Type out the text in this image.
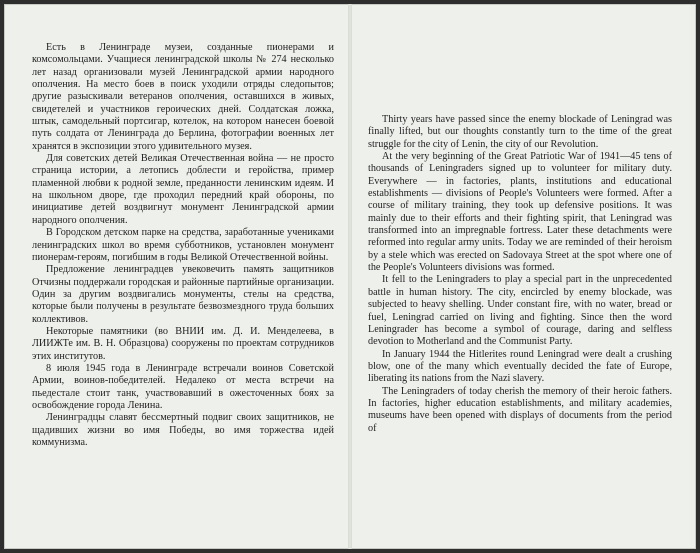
Есть в Ленинграде музеи, созданные пионерами и комсомольцами. Учащиеся ленинградской школы № 274 несколько лет назад организовали музей Ленинградской армии народного ополчения. На место боев в поиск уходили отряды следопытов; другие разыскивали ветеранов ополчения, оставшихся в живых, свидетелей и участников героических дней. Солдатская ложка, штык, самодельный портсигар, котелок, на котором нанесен боевой путь солдата от Ленинграда до Берлина, фотографии военных лет хранятся в экспозиции этого удивительного музея.

Для советских детей Великая Отечественная война — не просто страница истории, а летопись доблести и геройства, пример пламенной любви к родной земле, преданности ленинским идеям. И на школьном дворе, где проходил передний край обороны, по инициативе детей воздвигнут монумент Ленинградской армии народного ополчения.

В Городском детском парке на средства, заработанные учениками ленинградских школ во время субботников, установлен монумент пионерам-героям, погибшим в годы Великой Отечественной войны.

Предложение ленинградцев увековечить память защитников Отчизны поддержали городская и районные партийные организации. Один за другим воздвигались монументы, стелы на средства, которые были получены в результате безвозмездного труда больших коллективов.

Некоторые памятники (во ВНИИ им. Д. И. Менделеева, в ЛИИЖТе им. В. Н. Образцова) сооружены по проектам сотрудников этих институтов.

8 июля 1945 года в Ленинграде встречали воинов Советской Армии, воинов-победителей. Недалеко от места встречи на пьедестале стоит танк, участвовавший в ожесточенных боях за освобождение города Ленина.

Ленинградцы славят бессмертный подвиг своих защитников, не щадивших жизни во имя Победы, во имя торжества идей коммунизма.

Thirty years have passed since the enemy blockade of Leningrad was finally lifted, but our thoughts constantly turn to the time of the great struggle for the city of Lenin, the city of our Revolution.

At the very beginning of the Great Patriotic War of 1941—45 tens of thousands of Leningraders signed up to volunteer for military duty. Everywhere — in factories, plants, institutions and educational establishments — divisions of People's Volunteers were formed. After a course of military training, they took up defensive positions. It was mainly due to their efforts and their fighting spirit, that Leningrad was transformed into an impregnable fortress. Later these detachments were reformed into regular army units. Today we are reminded of their heroism by a stele which was erected on Sadovaya Street at the spot where one of the People's Volunteers divisions was formed.

It fell to the Leningraders to play a special part in the unprecedented battle in human history. The city, encircled by enemy blockade, was subjected to heavy shelling. Under constant fire, with no water, bread or fuel, Leningrad carried on living and fighting. Since then the word Leningrader has become a symbol of courage, daring and selfless devotion to Motherland and the Communist Party.

In January 1944 the Hitlerites round Leningrad were dealt a crushing blow, one of the many which eventually decided the fate of Europe, liberating its nations from the Nazi slavery.

The Leningraders of today cherish the memory of their heroic fathers. In factories, higher education establishments, and military academies, museums have been opened with displays of documents from the period of
